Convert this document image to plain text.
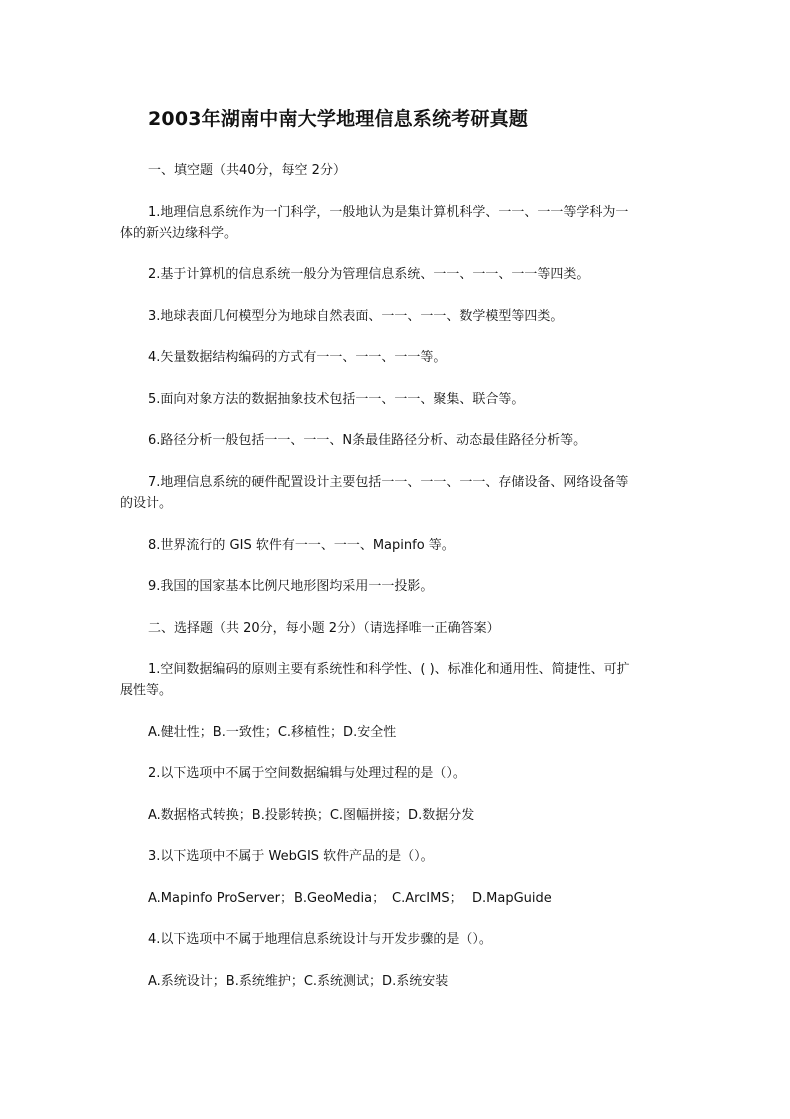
2003年湖南中南大学地理信息系统考研真题
一、填空题（共40分，每空 2分）
1.地理信息系统作为一门科学，一般地认为是集计算机科学、一一、一一等学科为一
体的新兴边缘科学。
2.基于计算机的信息系统一般分为管理信息系统、一一、一一、一一等四类。
3.地球表面几何模型分为地球自然表面、一一、一一、数学模型等四类。
4.矢量数据结构编码的方式有一一、一一、一一等。
5.面向对象方法的数据抽象技术包括一一、一一、聚集、联合等。
6.路径分析一般包括一一、一一、N条最佳路径分析、动态最佳路径分析等。
7.地理信息系统的硬件配置设计主要包括一一、一一、一一、存储设备、网络设备等
的设计。
8.世界流行的 GIS 软件有一一、一一、Mapinfo 等。
9.我国的国家基本比例尺地形图均采用一一投影。
二、选择题（共 20分，每小题 2分）（请选择唯一正确答案）
1.空间数据编码的原则主要有系统性和科学性、( )、标准化和通用性、简捷性、可扩
展性等。
A.健壮性；B.一致性；C.移植性；D.安全性
2.以下选项中不属于空间数据编辑与处理过程的是（）。
A.数据格式转换；B.投影转换；C.图幅拼接；D.数据分发
3.以下选项中不属于 WebGIS 软件产品的是（）。
A.Mapinfo ProServer； B.GeoMedia； C.ArcIMS； D.MapGuide
4.以下选项中不属于地理信息系统设计与开发步骤的是（）。
A.系统设计；B.系统维护；C.系统测试；D.系统安装
